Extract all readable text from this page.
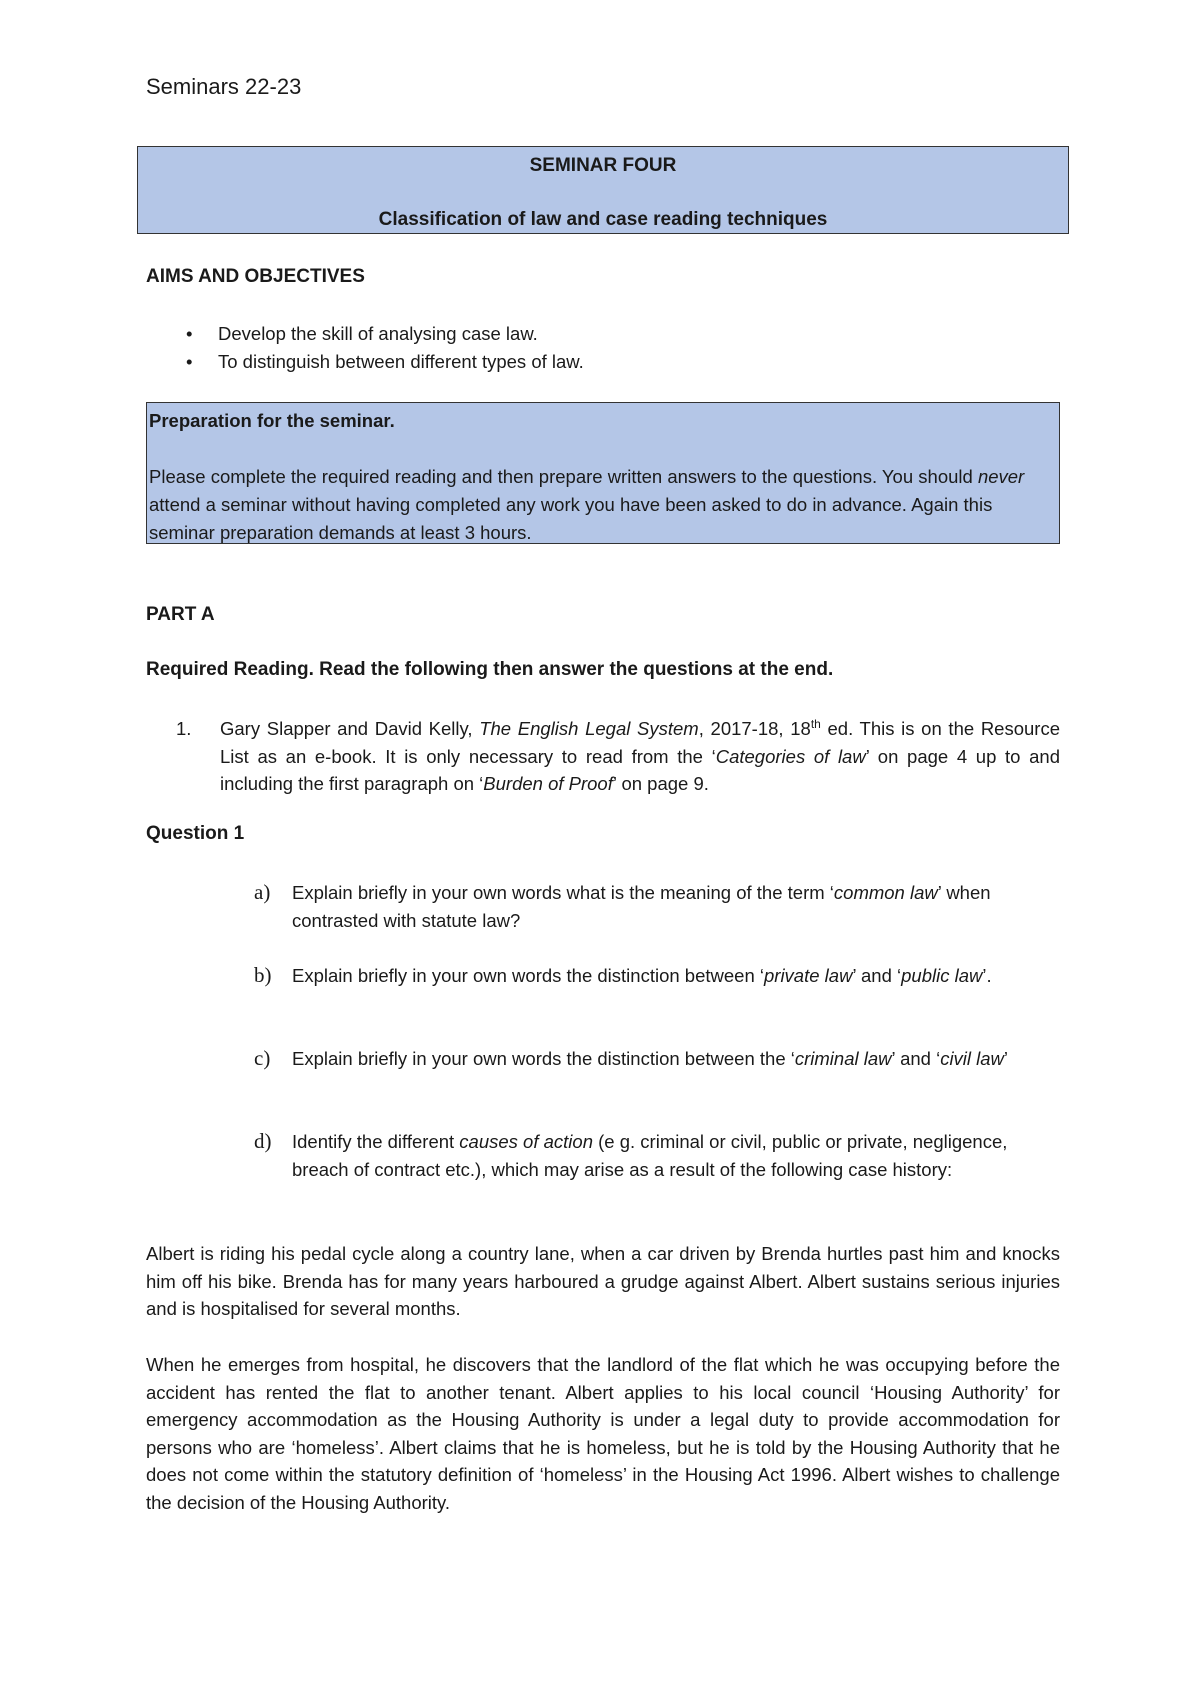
Seminars 22-23
SEMINAR FOUR
Classification of law and case reading techniques
AIMS AND OBJECTIVES
• Develop the skill of analysing case law.
• To distinguish between different types of law.
Preparation for the seminar.
Please complete the required reading and then prepare written answers to the questions. You should never attend a seminar without having completed any work you have been asked to do in advance. Again this seminar preparation demands at least 3 hours.
PART A
Required Reading. Read the following then answer the questions at the end.
1. Gary Slapper and David Kelly, The English Legal System, 2017-18, 18th ed. This is on the Resource List as an e-book. It is only necessary to read from the ‘Categories of law’ on page 4 up to and including the first paragraph on ‘Burden of Proof’ on page 9.
Question 1
a) Explain briefly in your own words what is the meaning of the term ‘common law’ when contrasted with statute law?
b) Explain briefly in your own words the distinction between ‘private law’ and ‘public law’.
c) Explain briefly in your own words the distinction between the ‘criminal law’ and ‘civil law’
d) Identify the different causes of action (e g. criminal or civil, public or private, negligence, breach of contract etc.), which may arise as a result of the following case history:
Albert is riding his pedal cycle along a country lane, when a car driven by Brenda hurtles past him and knocks him off his bike. Brenda has for many years harboured a grudge against Albert. Albert sustains serious injuries and is hospitalised for several months.
When he emerges from hospital, he discovers that the landlord of the flat which he was occupying before the accident has rented the flat to another tenant. Albert applies to his local council ‘Housing Authority’ for emergency accommodation as the Housing Authority is under a legal duty to provide accommodation for persons who are ‘homeless’. Albert claims that he is homeless, but he is told by the Housing Authority that he does not come within the statutory definition of ‘homeless’ in the Housing Act 1996. Albert wishes to challenge the decision of the Housing Authority.
